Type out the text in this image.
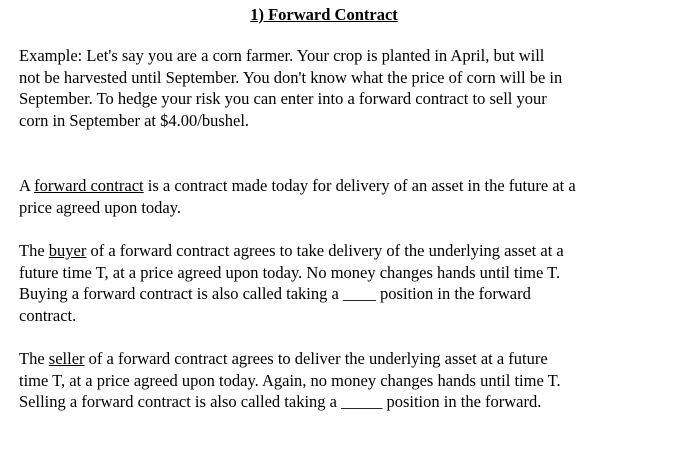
1) Forward Contract
Example: Let's say you are a corn farmer. Your crop is planted in April, but will
not be harvested until September. You don't know what the price of corn will be in
September. To hedge your risk you can enter into a forward contract to sell your
corn in September at $4.00/bushel.
A forward contract is a contract made today for delivery of an asset in the future at a
price agreed upon today.
The buyer of a forward contract agrees to take delivery of the underlying asset at a
future time T, at a price agreed upon today. No money changes hands until time T.
Buying a forward contract is also called taking a ____ position in the forward
contract.
The seller of a forward contract agrees to deliver the underlying asset at a future
time T, at a price agreed upon today. Again, no money changes hands until time T.
Selling a forward contract is also called taking a _____ position in the forward.
